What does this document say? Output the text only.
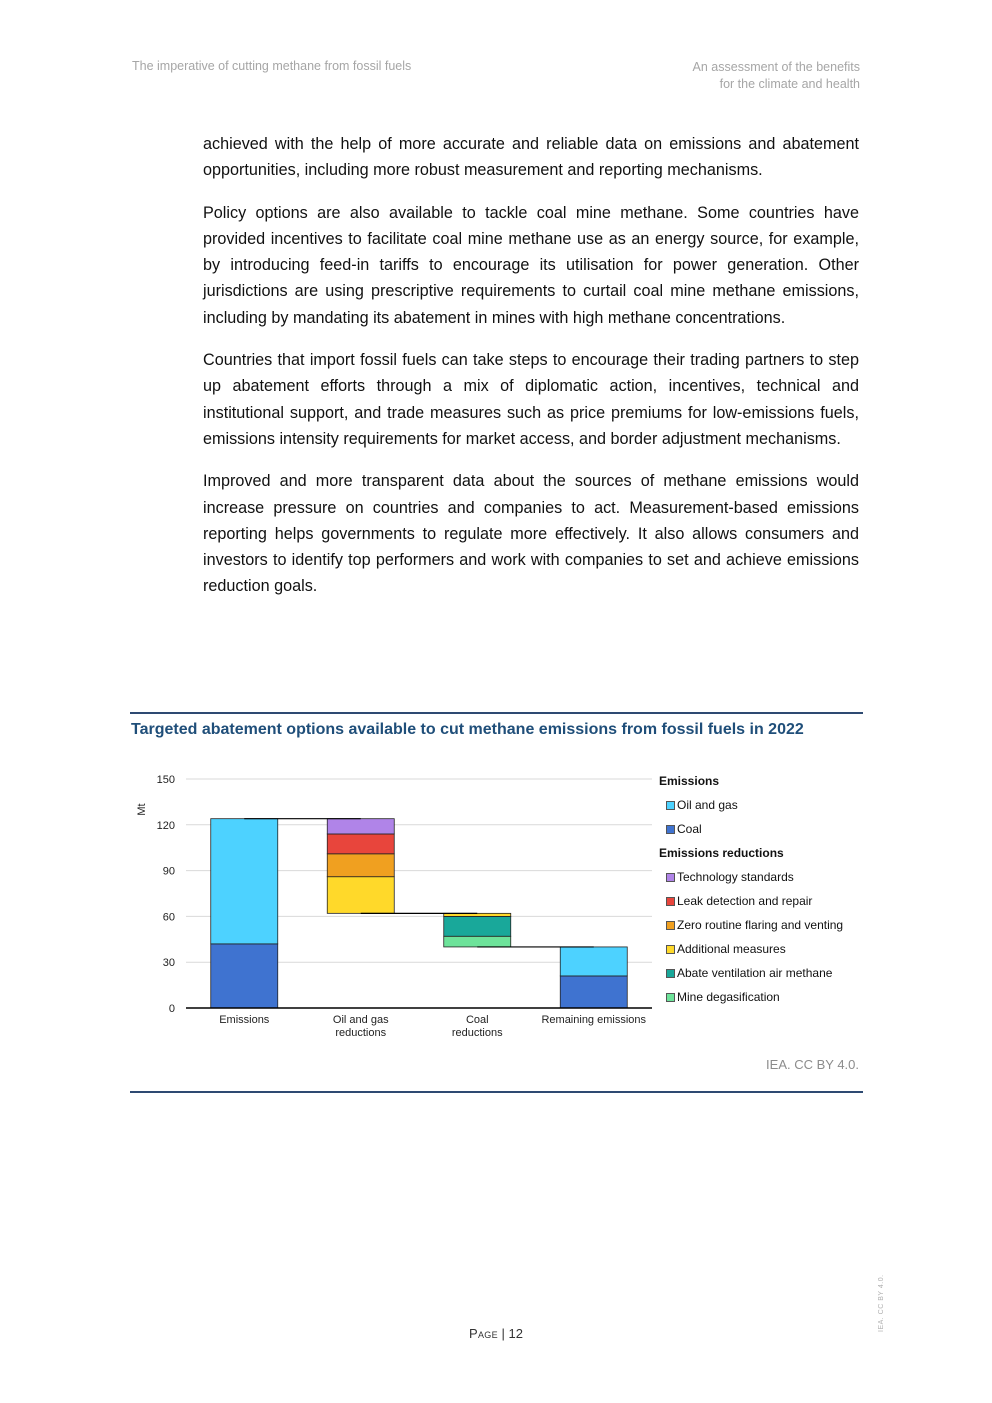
The imperative of cutting methane from fossil fuels	An assessment of the benefits
for the climate and health

achieved with the help of more accurate and reliable data on emissions and abatement opportunities, including more robust measurement and reporting mechanisms.

Policy options are also available to tackle coal mine methane. Some countries have provided incentives to facilitate coal mine methane use as an energy source, for example, by introducing feed-in tariffs to encourage its utilisation for power generation. Other jurisdictions are using prescriptive requirements to curtail coal mine methane emissions, including by mandating its abatement in mines with high methane concentrations.

Countries that import fossil fuels can take steps to encourage their trading partners to step up abatement efforts through a mix of diplomatic action, incentives, technical and institutional support, and trade measures such as price premiums for low-emissions fuels, emissions intensity requirements for market access, and border adjustment mechanisms.

Improved and more transparent data about the sources of methane emissions would increase pressure on countries and companies to act. Measurement-based emissions reporting helps governments to regulate more effectively. It also allows consumers and investors to identify top performers and work with companies to set and achieve emissions reduction goals.

Targeted abatement options available to cut methane emissions from fossil fuels in 2022
0
30
60
90
120
150
Mt
Emissions	Oil and gas
reductions
Coal
reductions
Remaining emissions
Emissions
Oil and gas
Coal
Emissions reductions
Technology standards
Leak detection and repair
Zero routine flaring and venting
Additional measures
Abate ventilation air methane
Mine degasification
IEA. CC BY 4.0.
Page | 12
IEA. CC BY 4.0.
